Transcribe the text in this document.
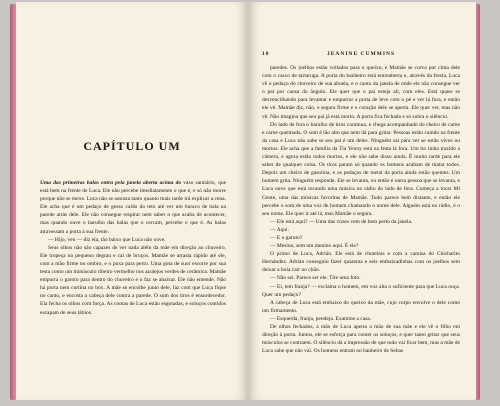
CAPÍTULO UM

Uma das primeiras balas entra pela janela aberta acima do vaso sanitário, que está bem na frente de Luca. Ele não percebe imediatamente o que é, e só não morre porque não se mexe. Luca não se assusta tanto quanto mais tarde irá explicar a cena. Ele acha que é um pedaço de gesso caído do teto até ver um buraco de bala na parede atrás dele. Ele não consegue respirar nem saber o que acaba de acontecer, mas quando ouve o barulho das balas que o cercam, percebe o que é. As balas atravessam a porta à sua frente.

— Hijo, ven — diz ela, tão baixo que Luca não ouve.

Seus olhos não são capazes de ver nada além da mãe em direção ao chuveiro. Ele tropeça no pequeno degrau e cai de bruços. Mamãe se arrasta rápido até ele, com a mão firme no ombro, e o puxa para perto. Uma gota de suor escorre por sua testa como um minúsculo ribeiro vermelho nos azulejos verdes de cerâmica. Mamãe empurra o garoto para dentro do chuveiro e o faz se abaixar. Ele não entende. Não há porta nem cortina no box. A mãe se encolhe junto dele, faz com que Luca fique no canto, e encosta a cabeça dele contra a parede. O som dos tiros é ensurdecedor. Ela fecha os olhos com força. As contas de Luca estão esgotadas, e soluços contidos escapam de seus lábios.

10	JEANINE CUMMINS

paredes. Os joelhos estão voltados para o queixo, e Mamãe se curva por cima dele com o casco de tartaruga. A porta do banheiro está entreaberta e, através da fresta, Luca vê o pedaço do chuveiro de sua abuela, e o canto da janela de onde ele não consegue ver o pai por causa do ângulo. Ele quer que o pai esteja ali, com eles. Está quase se desvencilhando para levantar e empurrar a porta de leve com o pé e ver lá fora, e então ele vê. Mamãe diz, não, e segura firme e o coração dele se aperta. Ele quer ver, mas não vê. Não imagina que seu pai já está morto. A porta fica fechada e só sobra o silêncio.

Do lado de fora o barulho de tiros continua, e chega acompanhado do cheiro de carne e carne queimada. O som é tão alto que nem dá para gritar. Pessoas estão caindo na frente da casa e Luca não sabe se seu pai é um deles. Ninguém sai para ver se estão vivos ou mortos. Ele acha que a família da Tia Yenny está na festa lá fora. Um tio tinha trazido a câmera, e agora estão todos mortos, e ele não sabe disso ainda. É muito tarde para ele saber de qualquer coisa. Os tiros param só quando os homens acabam de matar todos. Depois um cheiro de gasolina, e os pedaços de metal da porta ainda estão quentes. Um homem grita. Ninguém responde. Ele se levanta, ou então é outra pessoa que se levanta, e Luca ouve que está tocando uma música no rádio do lado de fora. Começa a tocar Mi Gente, uma das músicas favoritas de Mamãe. Tudo parece bem distante, e então ele percebe o som de uma voz de homem chamando o nome dele. Alguém está no rádio, é o seu nome. Ele quer ir até lá, mas Mamãe o segura.

— Ele está aqui? — Uma das vozes vem de bem perto da janela.

— Aqui.

— E o garoto?

— Mesmo, sem um menino aqui. É ele?

O primo de Luca, Adrián. Ele está de chuteiras e com a camisa do Chicharito Hernández. Adrián conseguiu fazer quarenta e seis embaixadinhas com os joelhos sem deixar a bola cair no chão.

— Não sei. Parece ser ele. Tire uma foto.

— Ei, tem franja? — exclama o homem, em voz alta o suficiente para que Luca ouça. Quer um pedaço?

A cabeça de Luca está embaixo do queixo da mãe, cujo corpo envolve o dele como um firmamento.

— Esquerda, franja, pendeja. Examine a casa.

De olhos fechados, a mão de Luca aperta a mão de sua mãe e ele vê o filho em direção à porta. Juntos, ele se esforça para conter os soluços, e quer tanto gritar que seus músculos se contraem. O silêncio dá a impressão de que tudo vai ficar bem, mas a mãe de Luca sabe que não vai. Os homens entram no banheiro de Sebas
